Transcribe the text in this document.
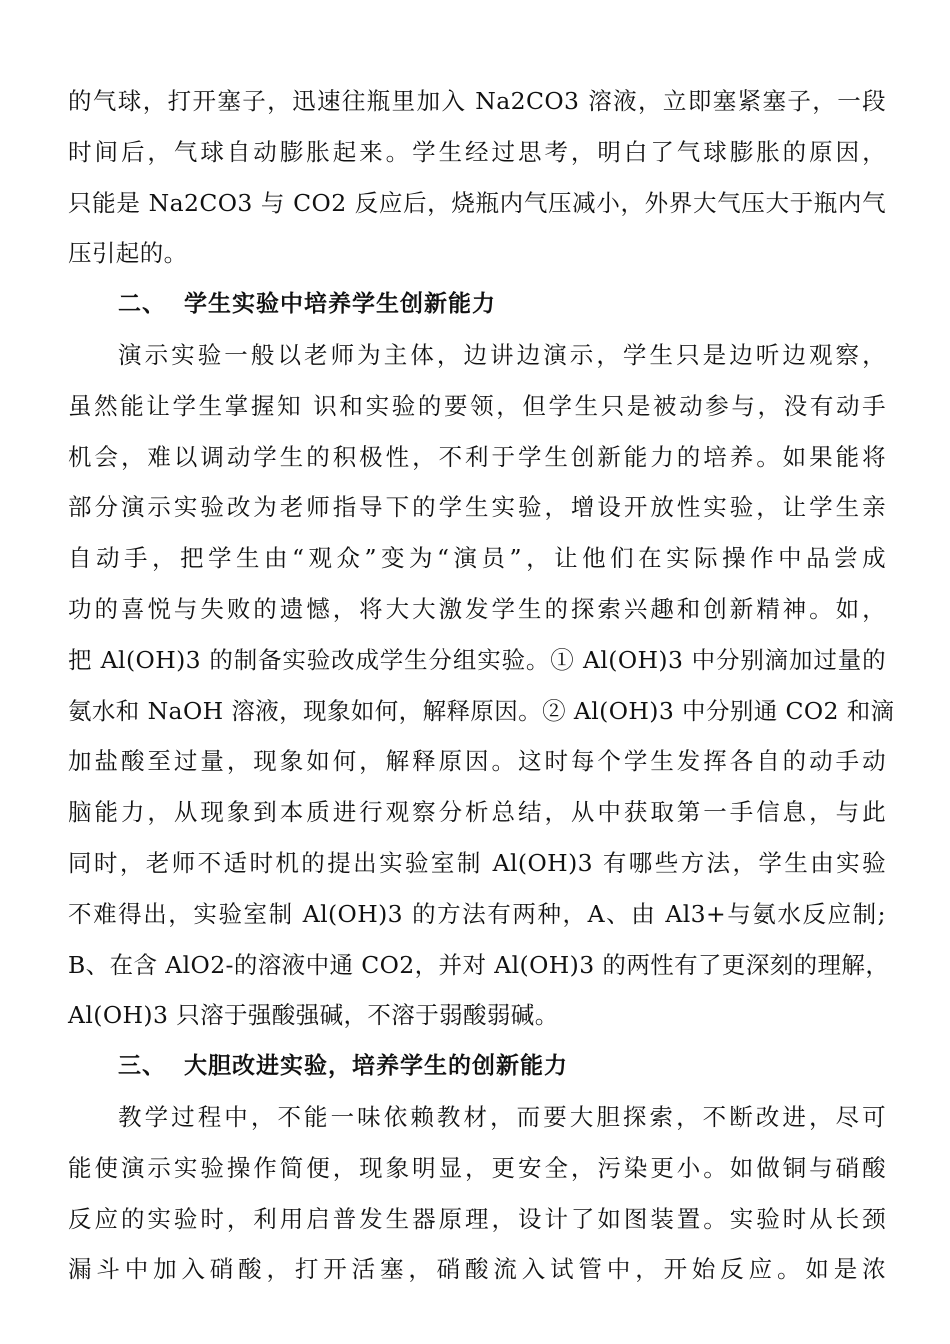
的气球，打开塞子，迅速往瓶里加入 Na2CO3 溶液，立即塞紧塞子，一段
时间后，气球自动膨胀起来。学生经过思考，明白了气球膨胀的原因，
只能是 Na2CO3 与 CO2 反应后，烧瓶内气压减小，外界大气压大于瓶内气
压引起的。
二、 学生实验中培养学生创新能力
演示实验一般以老师为主体，边讲边演示，学生只是边听边观察，
虽然能让学生掌握知 识和实验的要领，但学生只是被动参与，没有动手
机会，难以调动学生的积极性，不利于学生创新能力的培养。如果能将
部分演示实验改为老师指导下的学生实验，增设开放性实验，让学生亲
自动手，把学生由“观众”变为“演员”，让他们在实际操作中品尝成
功的喜悦与失败的遗憾，将大大激发学生的探索兴趣和创新精神。如，
把 Al(OH)3 的制备实验改成学生分组实验。① Al(OH)3 中分别滴加过量的
氨水和 NaOH 溶液，现象如何，解释原因。② Al(OH)3 中分别通 CO2 和滴
加盐酸至过量，现象如何，解释原因。这时每个学生发挥各自的动手动
脑能力，从现象到本质进行观察分析总结，从中获取第一手信息，与此
同时，老师不适时机的提出实验室制 Al(OH)3 有哪些方法，学生由实验
不难得出，实验室制 Al(OH)3 的方法有两种，A、由 Al3+与氨水反应制;
B、在含 AlO2-的溶液中通 CO2，并对 Al(OH)3 的两性有了更深刻的理解，
Al(OH)3 只溶于强酸强碱，不溶于弱酸弱碱。
三、 大胆改进实验，培养学生的创新能力
教学过程中，不能一味依赖教材，而要大胆探索，不断改进，尽可
能使演示实验操作简便，现象明显，更安全，污染更小。如做铜与硝酸
反应的实验时，利用启普发生器原理，设计了如图装置。实验时从长颈
漏斗中加入硝酸，打开活塞，硝酸流入试管中，开始反应。如是浓
